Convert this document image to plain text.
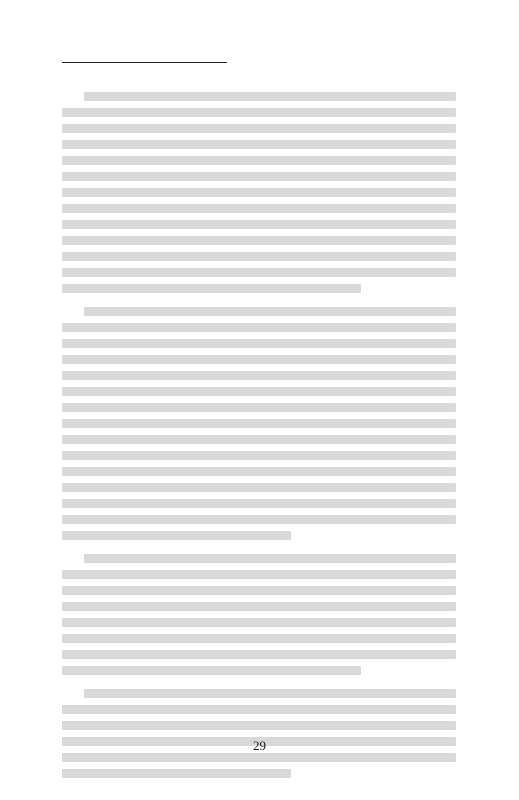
29
